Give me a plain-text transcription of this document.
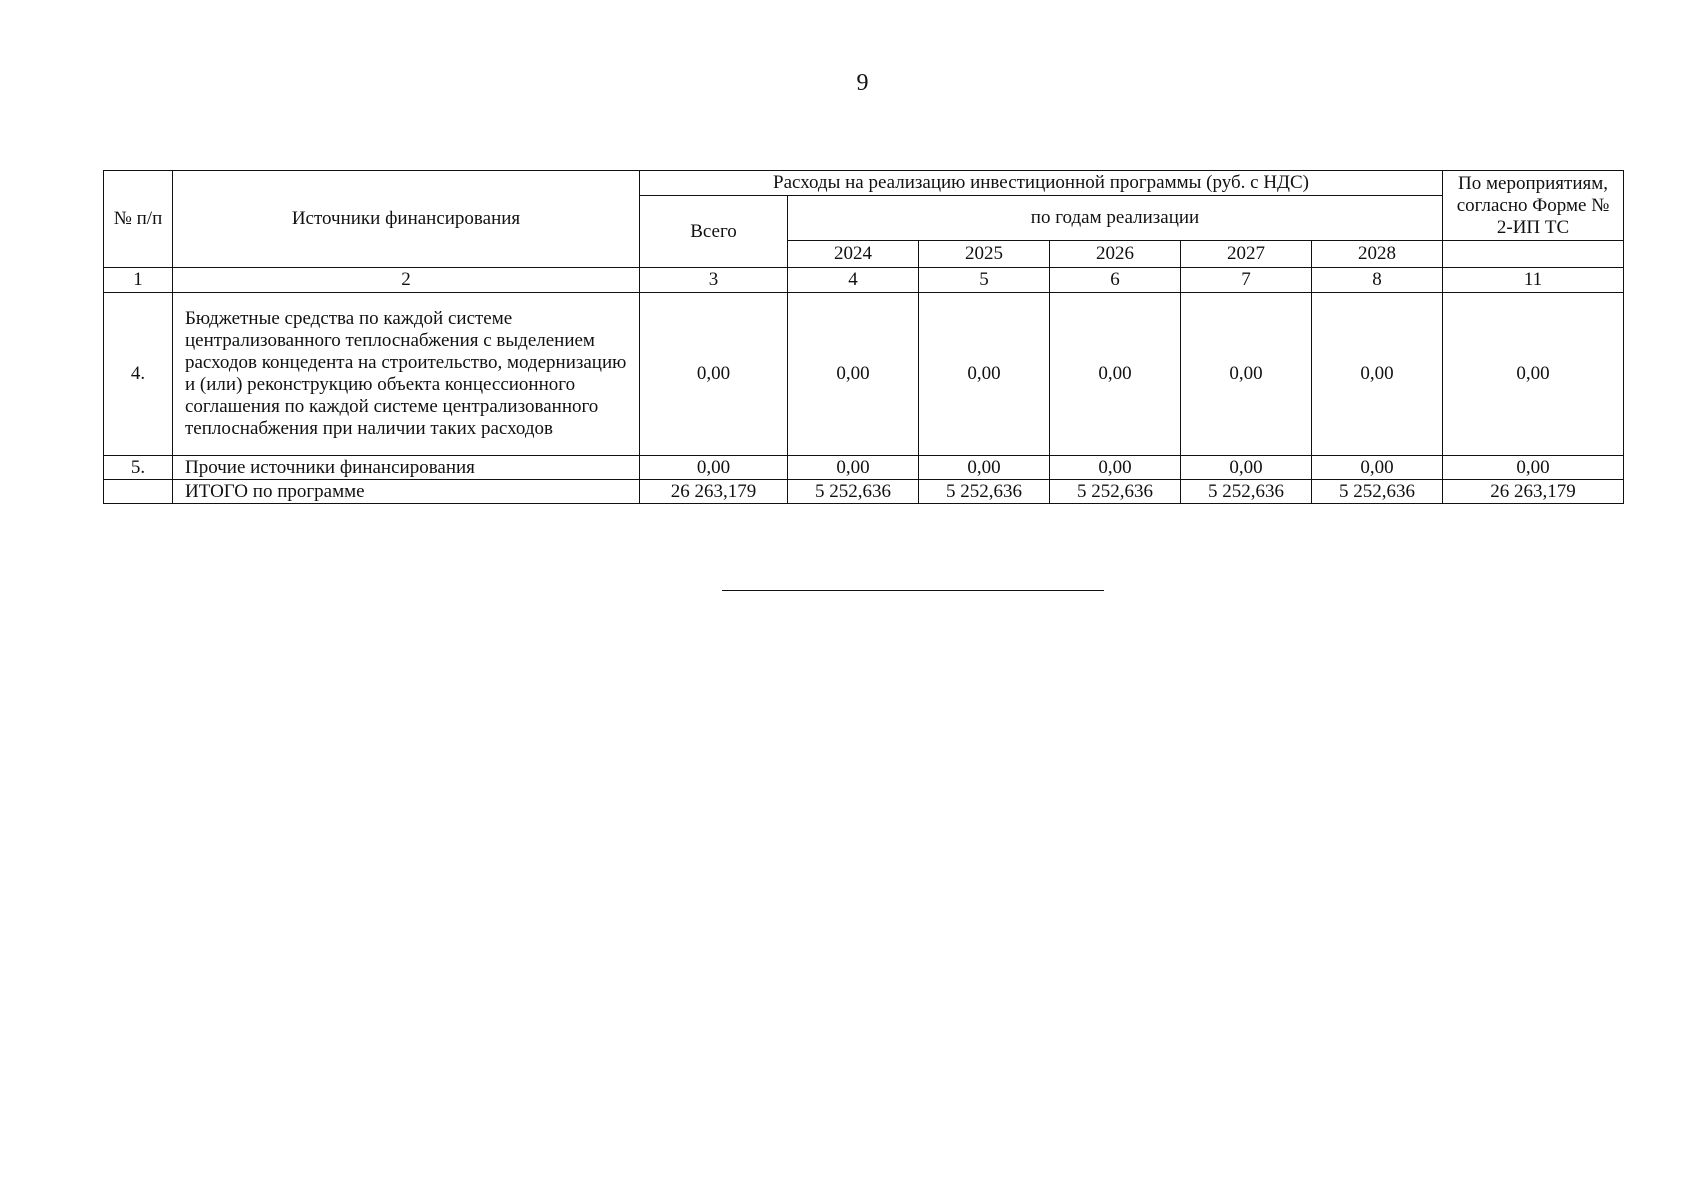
9
№ п/п	Источники финансирования	Расходы на реализацию инвестиционной программы (руб. с НДС)						По мероприятиям, согласно Форме № 2-ИП ТС
		Всего	по годам реализации					
			2024	2025	2026	2027	2028	
1	2	3	4	5	6	7	8	11
4.	Бюджетные средства по каждой системе централизованного теплоснабжения с выделением расходов концедента на строительство, модернизацию и (или) реконструкцию объекта концессионного соглашения по каждой системе централизованного теплоснабжения при наличии таких расходов	0,00	0,00	0,00	0,00	0,00	0,00	0,00
5.	Прочие источники финансирования	0,00	0,00	0,00	0,00	0,00	0,00	0,00
	ИТОГО по программе	26 263,179	5 252,636	5 252,636	5 252,636	5 252,636	5 252,636	26 263,179
